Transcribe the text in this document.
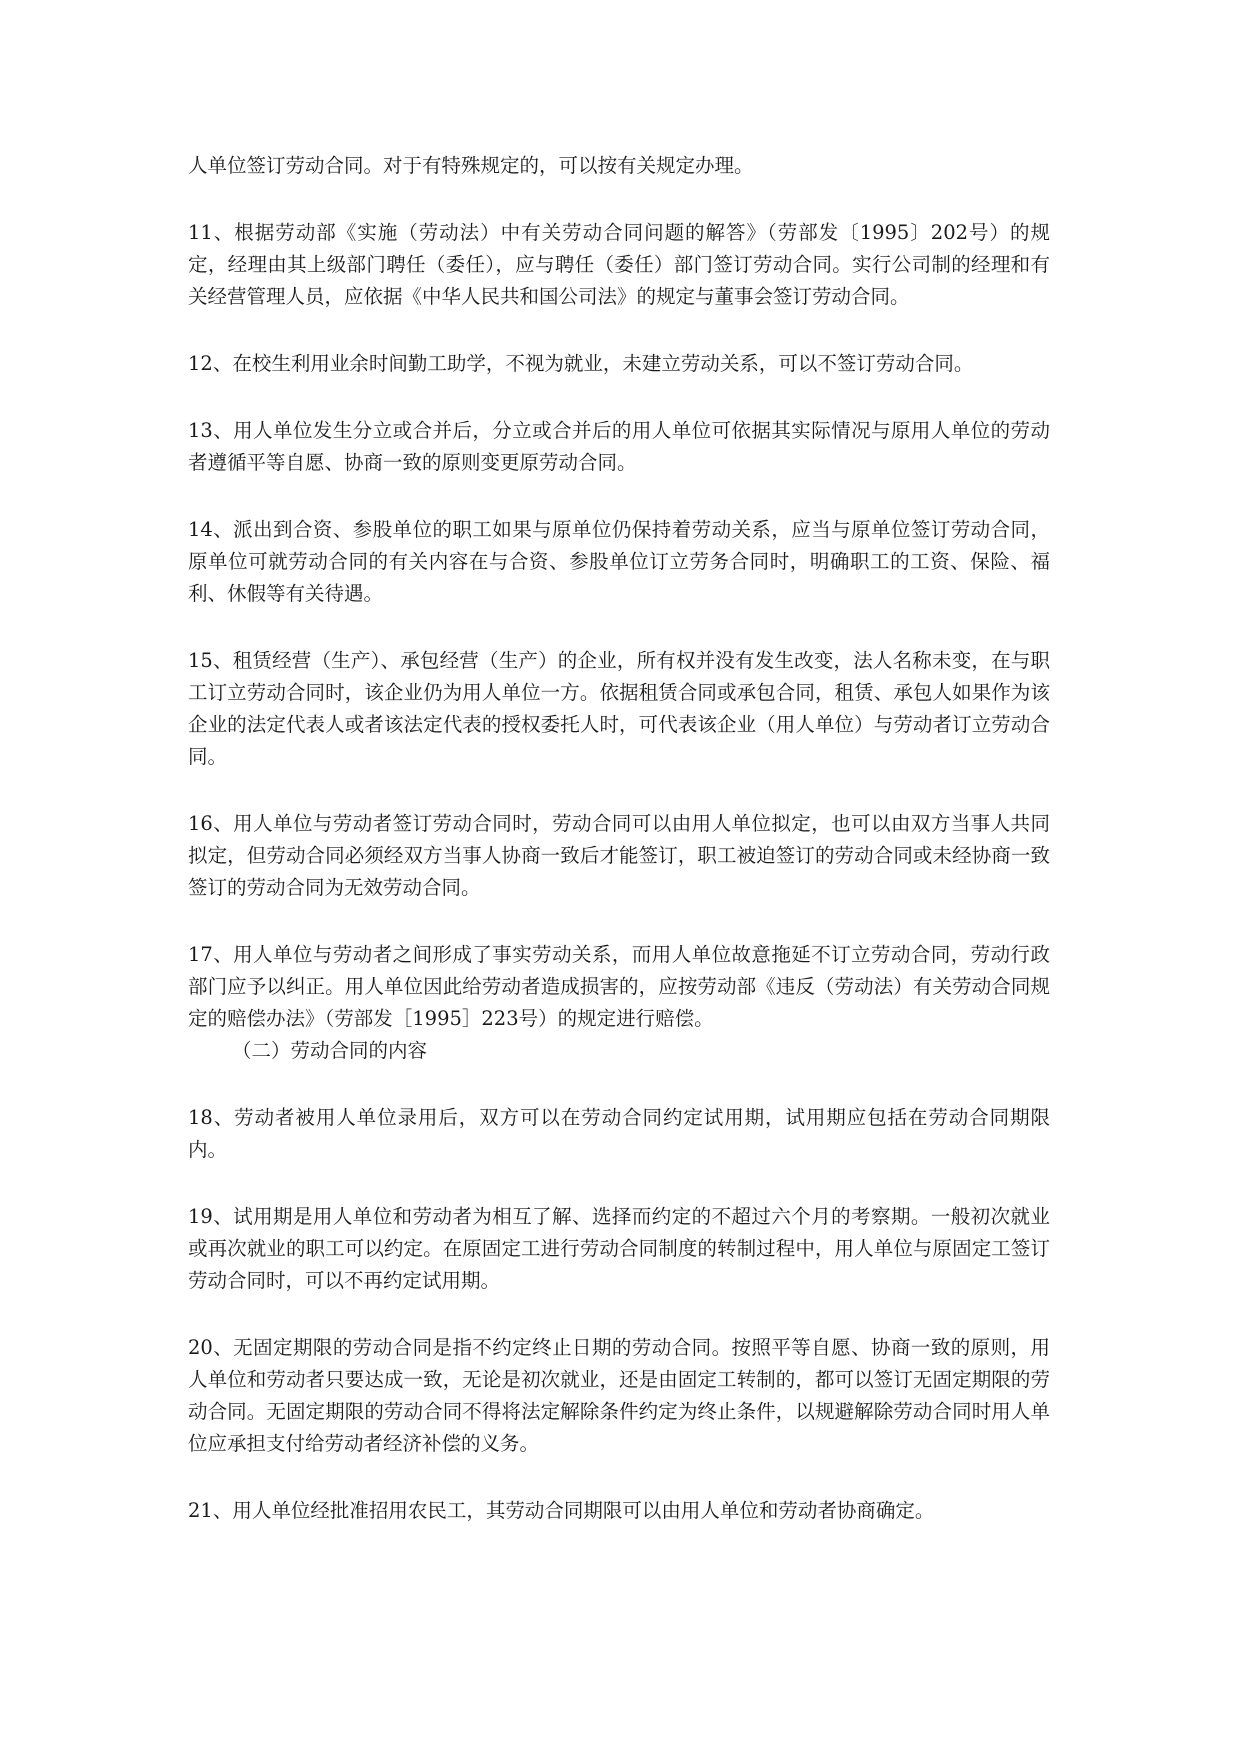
人单位签订劳动合同。对于有特殊规定的，可以按有关规定办理。

11、根据劳动部《实施（劳动法）中有关劳动合同问题的解答》（劳部发〔1995〕202号）的规定，经理由其上级部门聘任（委任），应与聘任（委任）部门签订劳动合同。实行公司制的经理和有关经营管理人员，应依据《中华人民共和国公司法》的规定与董事会签订劳动合同。

12、在校生利用业余时间勤工助学，不视为就业，未建立劳动关系，可以不签订劳动合同。

13、用人单位发生分立或合并后，分立或合并后的用人单位可依据其实际情况与原用人单位的劳动者遵循平等自愿、协商一致的原则变更原劳动合同。

14、派出到合资、参股单位的职工如果与原单位仍保持着劳动关系，应当与原单位签订劳动合同，原单位可就劳动合同的有关内容在与合资、参股单位订立劳务合同时，明确职工的工资、保险、福利、休假等有关待遇。

15、租赁经营（生产）、承包经营（生产）的企业，所有权并没有发生改变，法人名称未变，在与职工订立劳动合同时，该企业仍为用人单位一方。依据租赁合同或承包合同，租赁、承包人如果作为该企业的法定代表人或者该法定代表的授权委托人时，可代表该企业（用人单位）与劳动者订立劳动合同。

16、用人单位与劳动者签订劳动合同时，劳动合同可以由用人单位拟定，也可以由双方当事人共同拟定，但劳动合同必须经双方当事人协商一致后才能签订，职工被迫签订的劳动合同或未经协商一致签订的劳动合同为无效劳动合同。

17、用人单位与劳动者之间形成了事实劳动关系，而用人单位故意拖延不订立劳动合同，劳动行政部门应予以纠正。用人单位因此给劳动者造成损害的，应按劳动部《违反（劳动法）有关劳动合同规定的赔偿办法》（劳部发［1995］223号）的规定进行赔偿。

（二）劳动合同的内容

18、劳动者被用人单位录用后，双方可以在劳动合同约定试用期，试用期应包括在劳动合同期限内。

19、试用期是用人单位和劳动者为相互了解、选择而约定的不超过六个月的考察期。一般初次就业或再次就业的职工可以约定。在原固定工进行劳动合同制度的转制过程中，用人单位与原固定工签订劳动合同时，可以不再约定试用期。

20、无固定期限的劳动合同是指不约定终止日期的劳动合同。按照平等自愿、协商一致的原则，用人单位和劳动者只要达成一致，无论是初次就业，还是由固定工转制的，都可以签订无固定期限的劳动合同。无固定期限的劳动合同不得将法定解除条件约定为终止条件，以规避解除劳动合同时用人单位应承担支付给劳动者经济补偿的义务。

21、用人单位经批准招用农民工，其劳动合同期限可以由用人单位和劳动者协商确定。
